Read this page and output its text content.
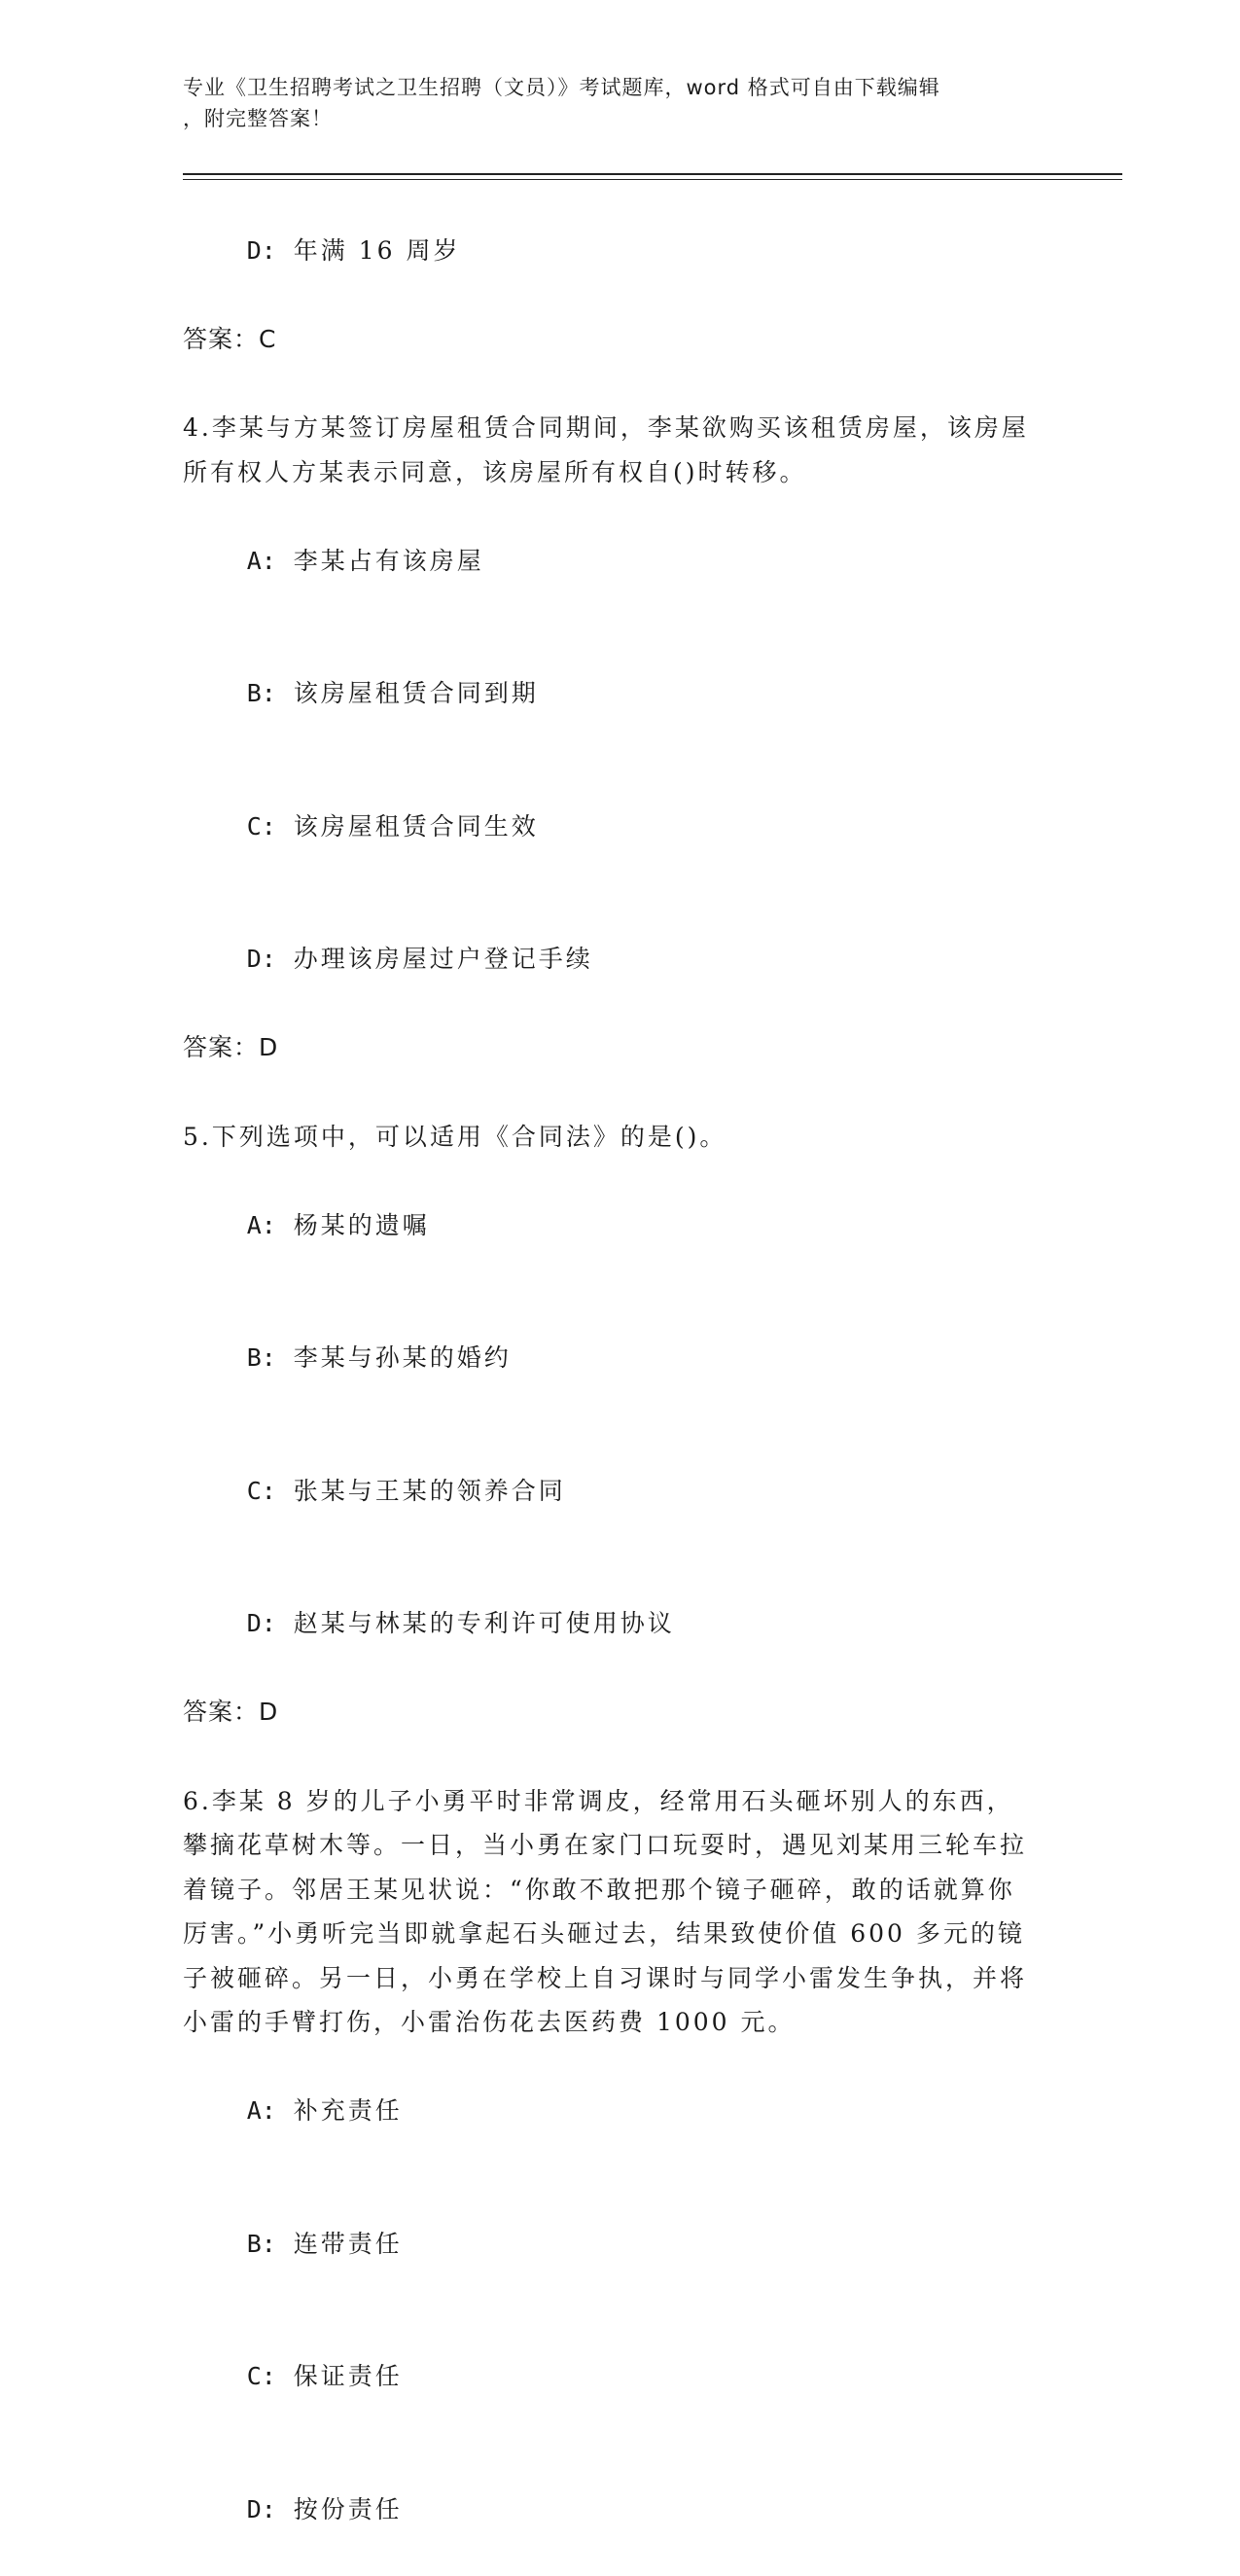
专业《卫生招聘考试之卫生招聘（文员）》考试题库，word 格式可自由下载编辑
，附完整答案！

D: 年满 16 周岁

答案：C

4.李某与方某签订房屋租赁合同期间，李某欲购买该租赁房屋，该房屋所有权人方某表示同意，该房屋所有权自()时转移。

A: 李某占有该房屋

B: 该房屋租赁合同到期

C: 该房屋租赁合同生效

D: 办理该房屋过户登记手续

答案：D

5.下列选项中，可以适用《合同法》的是()。

A: 杨某的遗嘱

B: 李某与孙某的婚约

C: 张某与王某的领养合同

D: 赵某与林某的专利许可使用协议

答案：D

6.李某 8 岁的儿子小勇平时非常调皮，经常用石头砸坏别人的东西，攀摘花草树木等。一日，当小勇在家门口玩耍时，遇见刘某用三轮车拉着镜子。邻居王某见状说：“你敢不敢把那个镜子砸碎，敢的话就算你厉害。”小勇听完当即就拿起石头砸过去，结果致使价值 600 多元的镜子被砸碎。另一日，小勇在学校上自习课时与同学小雷发生争执，并将小雷的手臂打伤，小雷治伤花去医药费 1000 元。

A: 补充责任

B: 连带责任

C: 保证责任

D: 按份责任
